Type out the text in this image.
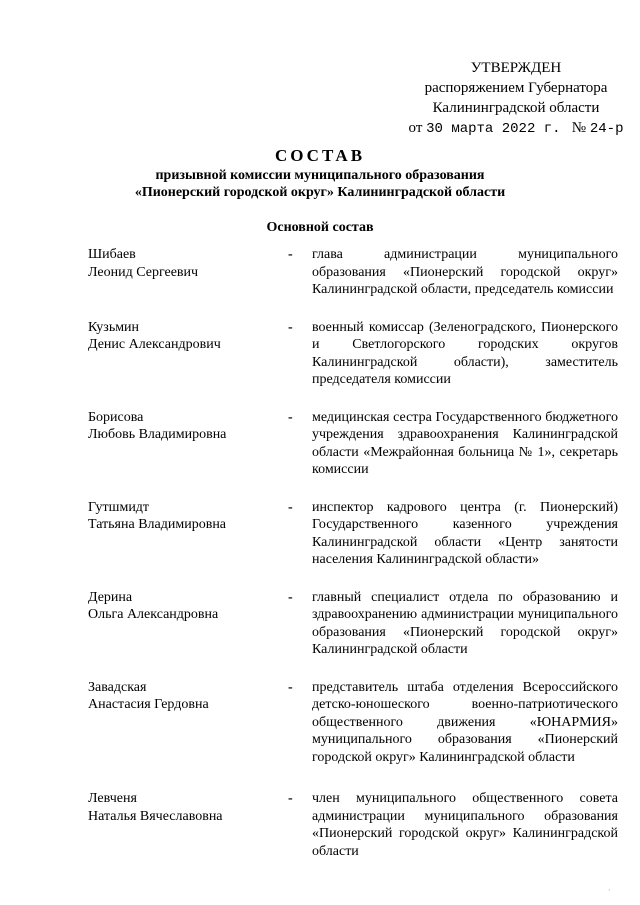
УТВЕРЖДЕН
распоряжением Губернатора
Калининградской области
от 30 марта 2022 г. № 24-р
СОСТАВ
призывной комиссии муниципального образования
«Пионерский городской округ» Калининградской области
Основной состав
Шибаев
Леонид Сергеевич
-	глава администрации муниципального образования «Пионерский городской округ» Калининградской области, председатель комиссии
Кузьмин
Денис Александрович
-	военный комиссар (Зеленоградского, Пионерского и Светлогорского городских округов Калининградской области), заместитель председателя комиссии
Борисова
Любовь Владимировна
-	медицинская сестра Государственного бюджетного учреждения здравоохранения Калининградской области «Межрайонная больница № 1», секретарь комиссии
Гутшмидт
Татьяна Владимировна
-	инспектор кадрового центра (г. Пионерский) Государственного казенного учреждения Калининградской области «Центр занятости населения Калининградской области»
Дерина
Ольга Александровна
-	главный специалист отдела по образованию и здравоохранению администрации муниципального образования «Пионерский городской округ» Калининградской области
Завадская
Анастасия Гердовна
-	представитель штаба отделения Всероссийского детско-юношеского военно-патриотического общественного движения «ЮНАРМИЯ» муниципального образования «Пионерский городской округ» Калининградской области
Левченя
Наталья Вячеславовна
-	член муниципального общественного совета администрации муниципального образования «Пионерский городской округ» Калининградской области
·
